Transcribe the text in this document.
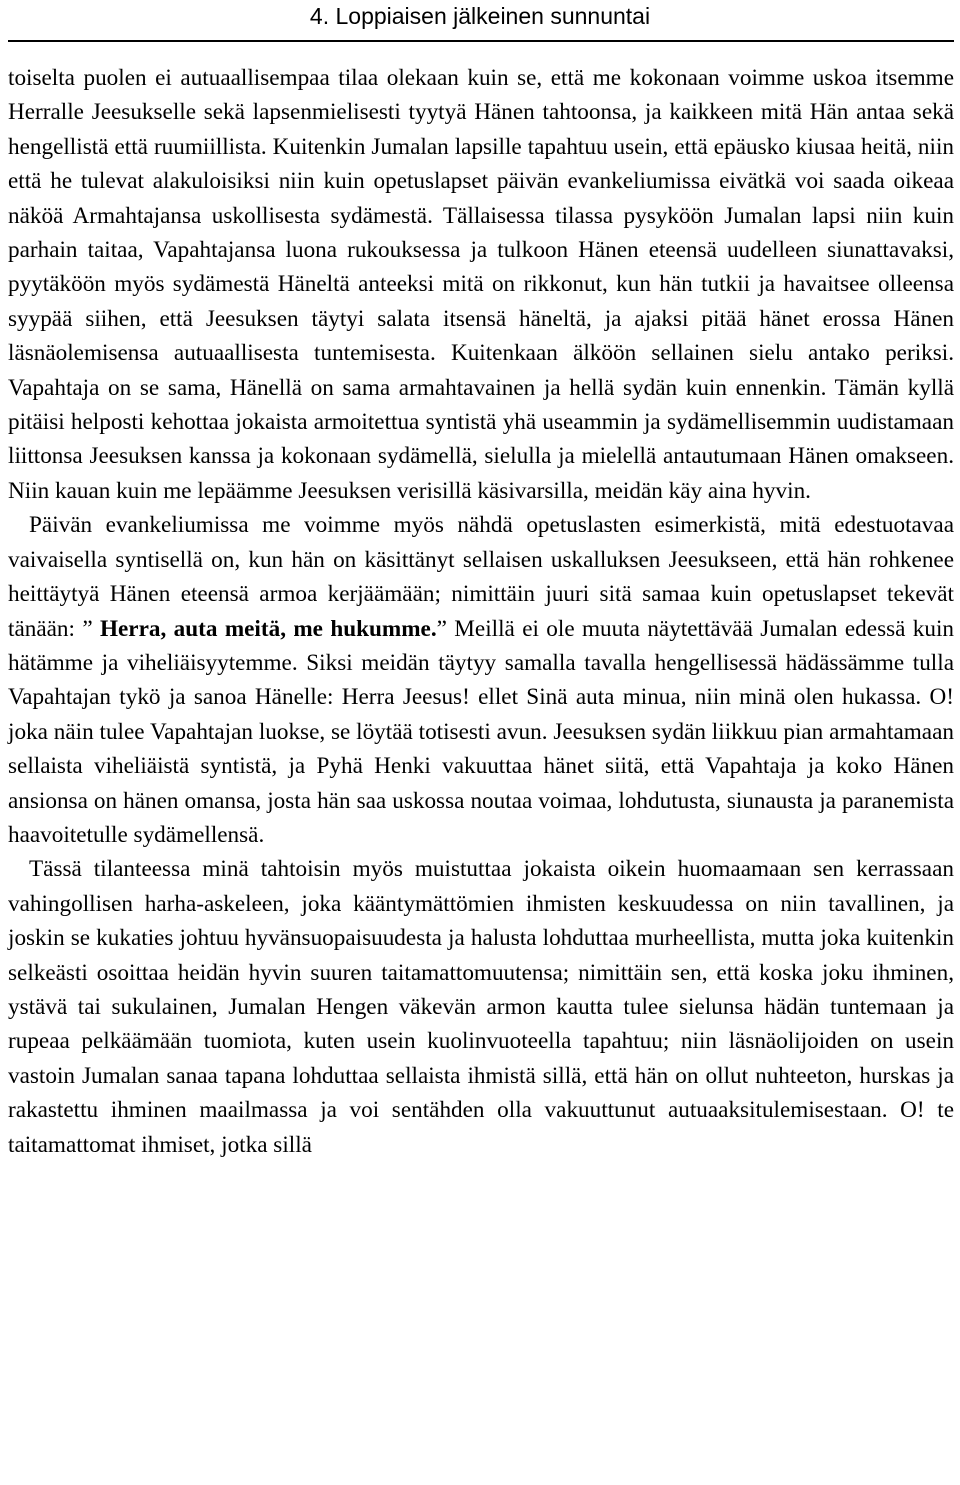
4. Loppiaisen jälkeinen sunnuntai

toiselta puolen ei autuaallisempaa tilaa olekaan kuin se, että me kokonaan voimme uskoa itsemme Herralle Jeesukselle sekä lapsenmielisesti tyytyä Hänen tahtoonsa, ja kaikkeen mitä Hän antaa sekä hengellistä että ruumiillista. Kuitenkin Jumalan lapsille tapahtuu usein, että epäusko kiusaa heitä, niin että he tulevat alakuloisiksi niin kuin opetuslapset päivän evankeliumissa eivätkä voi saada oikeaa näköä Armahtajansa uskollisesta sydämestä. Tällaisessa tilassa pysyköön Jumalan lapsi niin kuin parhain taitaa, Vapahtajansa luona rukouksessa ja tulkoon Hänen eteensä uudelleen siunattavaksi, pyytäköön myös sydämestä Häneltä anteeksi mitä on rikkonut, kun hän tutkii ja havaitsee olleensa syypää siihen, että Jeesuksen täytyi salata itsensä häneltä, ja ajaksi pitää hänet erossa Hänen läsnäolemisensa autuaallisesta tuntemisesta. Kuitenkaan älköön sellainen sielu antako periksi. Vapahtaja on se sama, Hänellä on sama armahtavainen ja hellä sydän kuin ennenkin. Tämän kyllä pitäisi helposti kehottaa jokaista armoitettua syntistä yhä useammin ja sydämellisemmin uudistamaan liittonsa Jeesuksen kanssa ja kokonaan sydämellä, sielulla ja mielellä antautumaan Hänen omakseen. Niin kauan kuin me lepäämme Jeesuksen verisillä käsivarsilla, meidän käy aina hyvin.

Päivän evankeliumissa me voimme myös nähdä opetuslasten esimerkistä, mitä edestuotavaa vaivaisella syntisellä on, kun hän on käsittänyt sellaisen uskalluksen Jeesukseen, että hän rohkenee heittäytyä Hänen eteensä armoa kerjäämään; nimittäin juuri sitä samaa kuin opetuslapset tekevät tänään: ” Herra, auta meitä, me hukumme.” Meillä ei ole muuta näytettävää Jumalan edessä kuin hätämme ja viheliäisyytemme. Siksi meidän täytyy samalla tavalla hengellisessä hädässämme tulla Vapahtajan tykö ja sanoa Hänelle: Herra Jeesus! ellet Sinä auta minua, niin minä olen hukassa. O! joka näin tulee Vapahtajan luokse, se löytää totisesti avun. Jeesuksen sydän liikkuu pian armahtamaan sellaista viheliäistä syntistä, ja Pyhä Henki vakuuttaa hänet siitä, että Vapahtaja ja koko Hänen ansionsa on hänen omansa, josta hän saa uskossa noutaa voimaa, lohdutusta, siunausta ja paranemista haavoitetulle sydämellensä.

Tässä tilanteessa minä tahtoisin myös muistuttaa jokaista oikein huomaamaan sen kerrassaan vahingollisen harha-askeleen, joka kääntymättömien ihmisten keskuudessa on niin tavallinen, ja joskin se kukaties johtuu hyvänsuopaisuudesta ja halusta lohduttaa murheellista, mutta joka kuitenkin selkeästi osoittaa heidän hyvin suuren taitamattomuutensa; nimittäin sen, että koska joku ihminen, ystävä tai sukulainen, Jumalan Hengen väkevän armon kautta tulee sielunsa hädän tuntemaan ja rupeaa pelkäämään tuomiota, kuten usein kuolinvuoteella tapahtuu; niin läsnäolijoiden on usein vastoin Jumalan sanaa tapana lohduttaa sellaista ihmistä sillä, että hän on ollut nuhteeton, hurskas ja rakastettu ihminen maailmassa ja voi sentähden olla vakuuttunut autuaaksitulemisestaan. O! te taitamattomat ihmiset, jotka sillä
